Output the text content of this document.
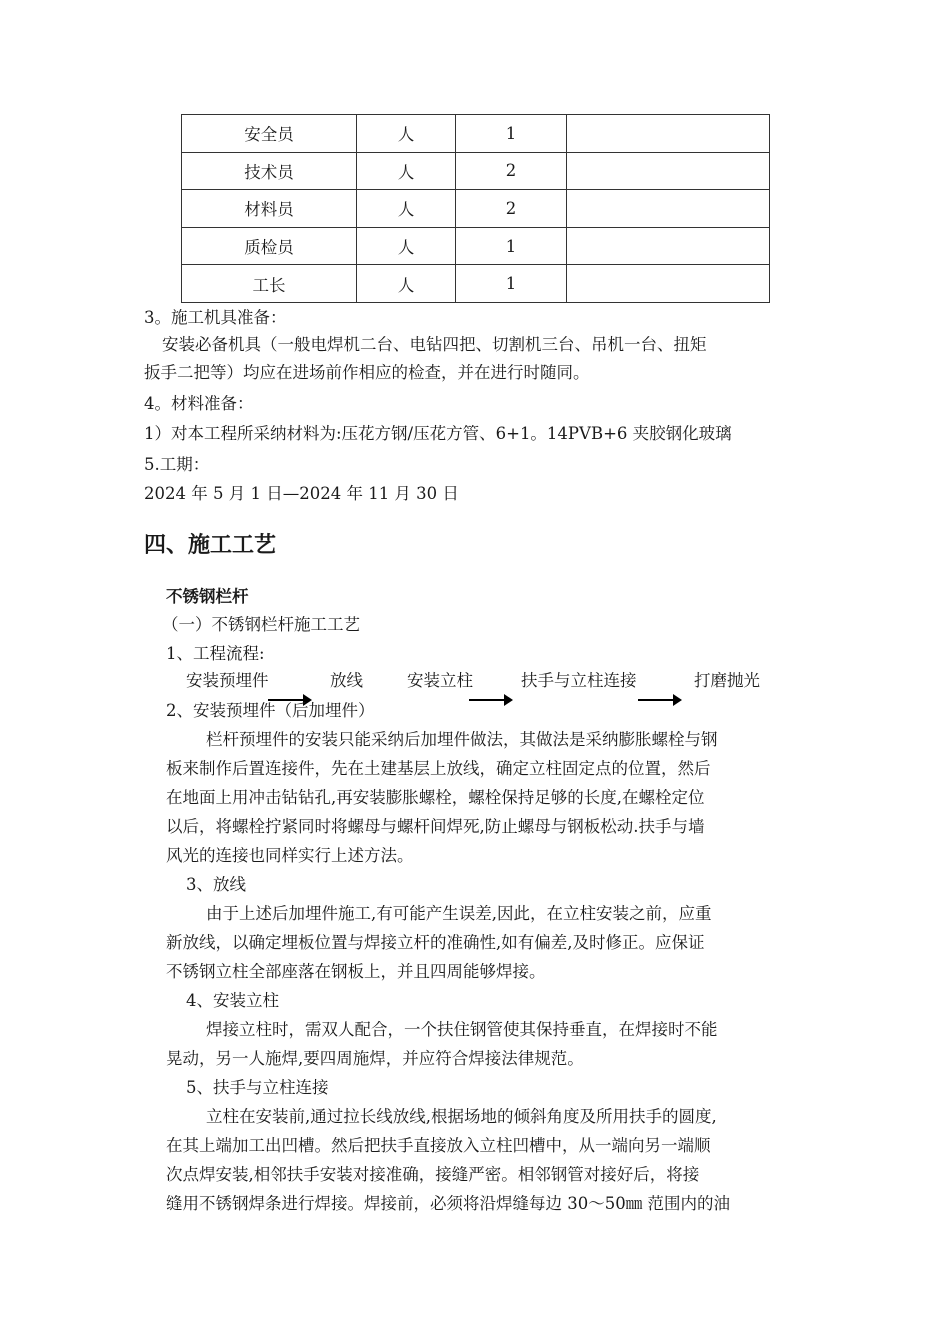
安全员	人	1	
技术员	人	2	
材料员	人	2	
质检员	人	1	
工长	人	1	
3。施工机具准备：
安装必备机具（一般电焊机二台、电钻四把、切割机三台、吊机一台、扭矩
扳手二把等）均应在进场前作相应的检查，并在进行时随同。
4。材料准备：
1）对本工程所采纳材料为:压花方钢/压花方管、6+1。14PVB+6 夹胶钢化玻璃
5.工期：
2024 年 5 月 1 日—2024 年 11 月 30 日
四、施工工艺
不锈钢栏杆
（一）不锈钢栏杆施工工艺
1、工程流程:
安装预埋件	放线	安装立柱	扶手与立柱连接	打磨抛光
2、安装预埋件（后加埋件）
栏杆预埋件的安装只能采纳后加埋件做法，其做法是采纳膨胀螺栓与钢
板来制作后置连接件，先在土建基层上放线，确定立柱固定点的位置，然后
在地面上用冲击钻钻孔,再安装膨胀螺栓，螺栓保持足够的长度,在螺栓定位
以后，将螺栓拧紧同时将螺母与螺杆间焊死,防止螺母与钢板松动.扶手与墙
风光的连接也同样实行上述方法。
3、放线
由于上述后加埋件施工,有可能产生误差,因此，在立柱安装之前，应重
新放线，以确定埋板位置与焊接立杆的准确性,如有偏差,及时修正。应保证
不锈钢立柱全部座落在钢板上，并且四周能够焊接。
4、安装立柱
焊接立柱时，需双人配合，一个扶住钢管使其保持垂直，在焊接时不能
晃动，另一人施焊,要四周施焊，并应符合焊接法律规范。
5、扶手与立柱连接
立柱在安装前,通过拉长线放线,根据场地的倾斜角度及所用扶手的圆度,
在其上端加工出凹槽。然后把扶手直接放入立柱凹槽中，从一端向另一端顺
次点焊安装,相邻扶手安装对接准确，接缝严密。相邻钢管对接好后，将接
缝用不锈钢焊条进行焊接。焊接前，必须将沿焊缝每边 30～50㎜ 范围内的油
